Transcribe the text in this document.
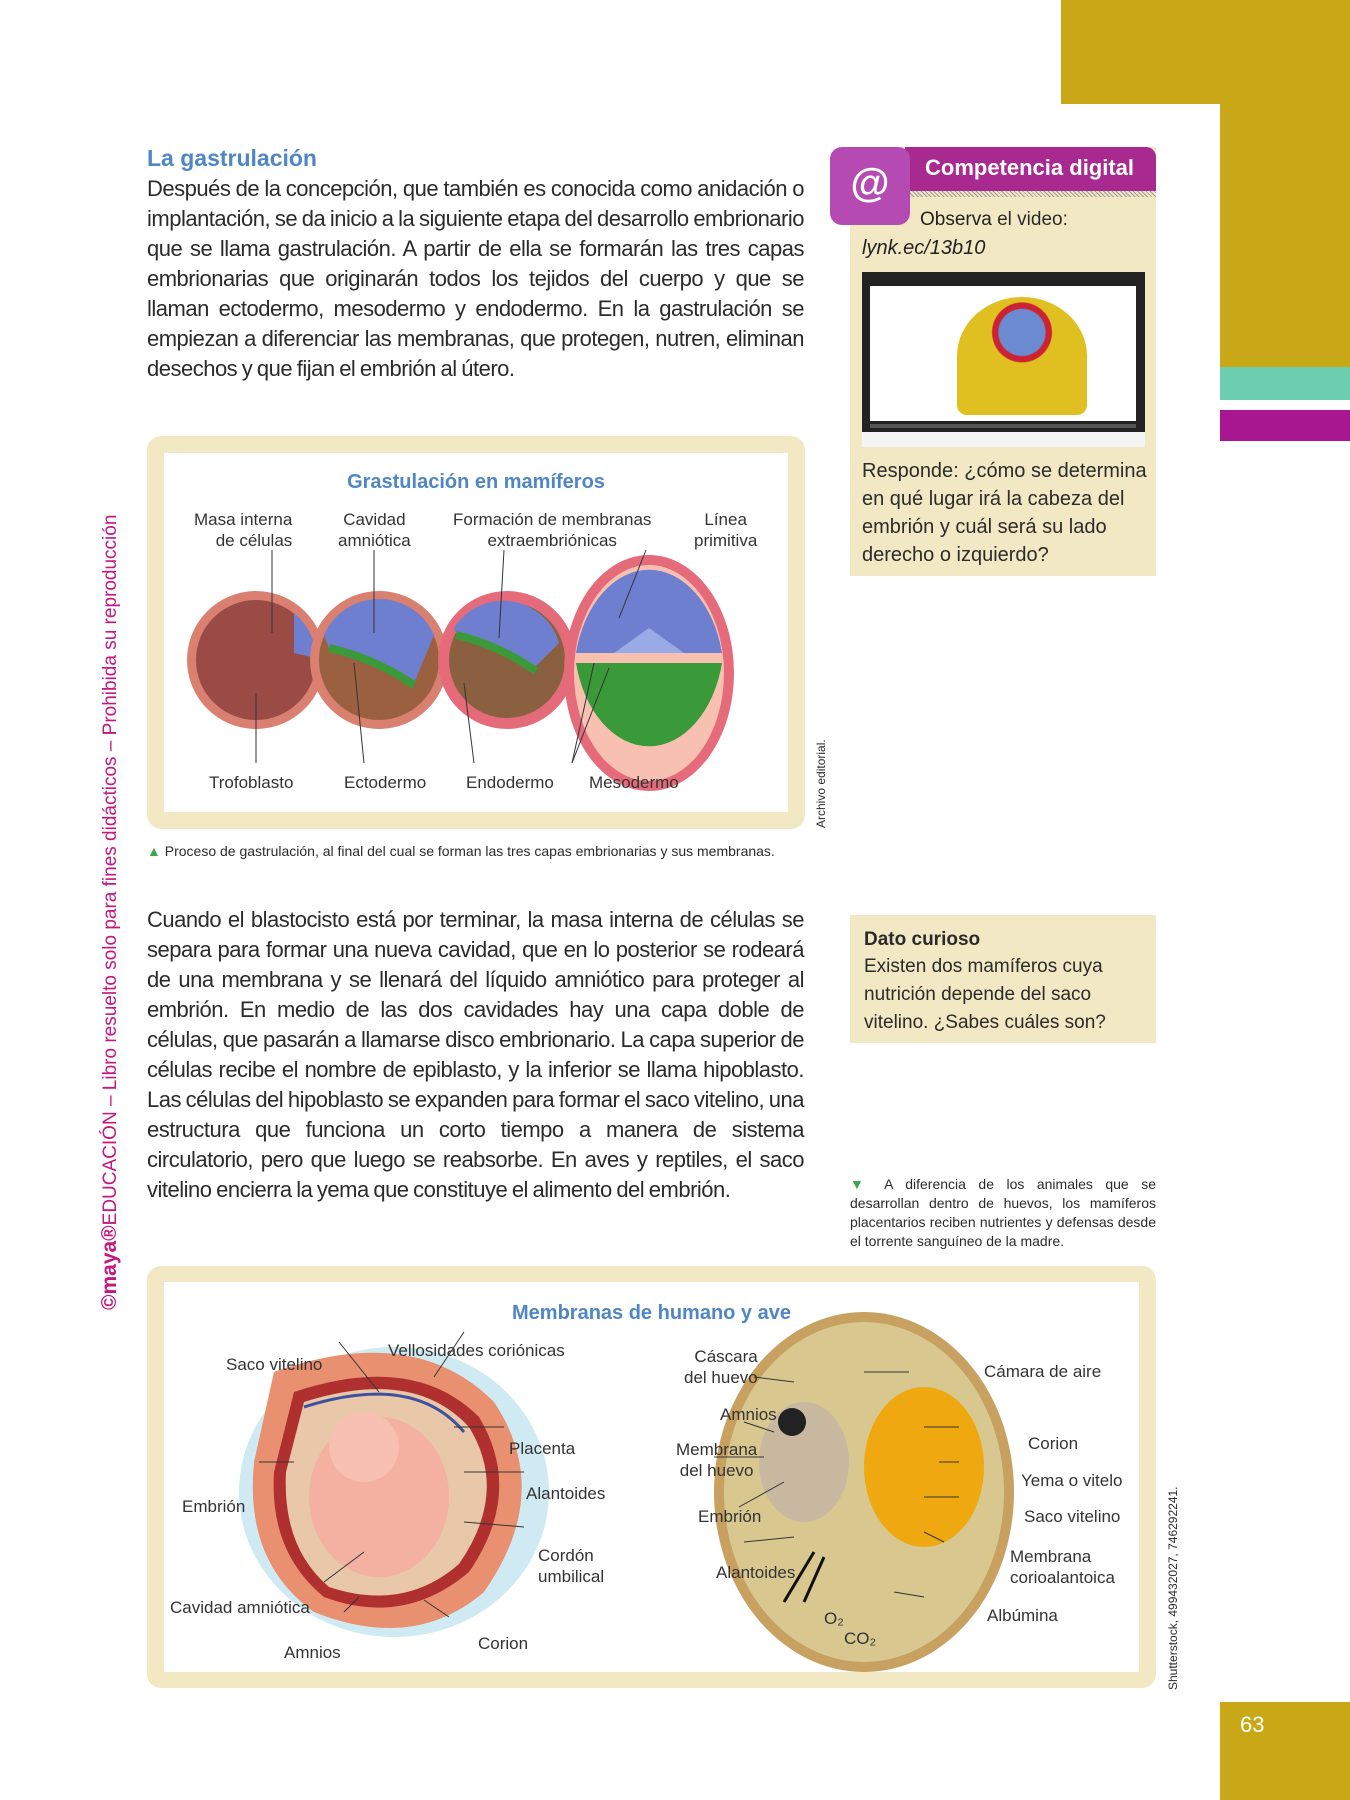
63
©maya®EDUCACIÓN – Libro resuelto solo para fines didácticos – Prohibida su reproducción
La gastrulación
Después de la concepción, que también es conocida como anidación o implantación, se da inicio a la siguiente etapa del desarrollo embrionario que se llama gastrulación. A partir de ella se formarán las tres capas embrionarias que originarán todos los tejidos del cuerpo y que se llaman ectodermo, mesodermo y endodermo. En la gastrulación se empiezan a diferenciar las membranas, que protegen, nutren, eliminan desechos y que fijan el embrión al útero.
@	Competencia digital
Observa el video:
lynk.ec/13b10
Responde: ¿cómo se determina en qué lugar irá la cabeza del embrión y cuál será su lado derecho o izquierdo?
Grastulación en mamíferos
Masa interna
de células
Cavidad
amniótica
Formación de membranas
extraembriónicas
Línea
primitiva
Trofoblasto	Ectodermo Endodermo Mesodermo	Archivo editorial.
▲ Proceso de gastrulación, al final del cual se forman las tres capas embrionarias y sus membranas.
Cuando el blastocisto está por terminar, la masa interna de células se separa para formar una nueva cavidad, que en lo posterior se rodeará de una membrana y se llenará del líquido amniótico para proteger al embrión. En medio de las dos cavidades hay una capa doble de células, que pasarán a llamarse disco embrionario. La capa superior de células recibe el nombre de epiblasto, y la inferior se llama hipoblasto. Las células del hipoblasto se expanden para formar el saco vitelino, una estructura que funciona un corto tiempo a manera de sistema circulatorio, pero que luego se reabsorbe. En aves y reptiles, el saco vitelino encierra la yema que constituye el alimento del embrión.
Dato curioso
Existen dos mamíferos cuya nutrición depende del saco vitelino. ¿Sabes cuáles son?
▼ A diferencia de los animales que se desarrollan dentro de huevos, los mamíferos placentarios reciben nutrientes y defensas desde el torrente sanguíneo de la madre.
Membranas de humano y ave
Saco vitelino
Vellosidades coriónicas
Placenta
Alantoides
Embrión
Cordón
umbilical
Cavidad amniótica
Amnios	Corion
Cáscara
del huevo	Cámara de aire
Amnios
Corion
Membrana
del huevo
Yema o vitelo
Embrión	Saco vitelino
Alantoides
Membrana
corioalantoica
O₂
CO₂
Albúmina	Shutterstock, 499432027, 746292241.
